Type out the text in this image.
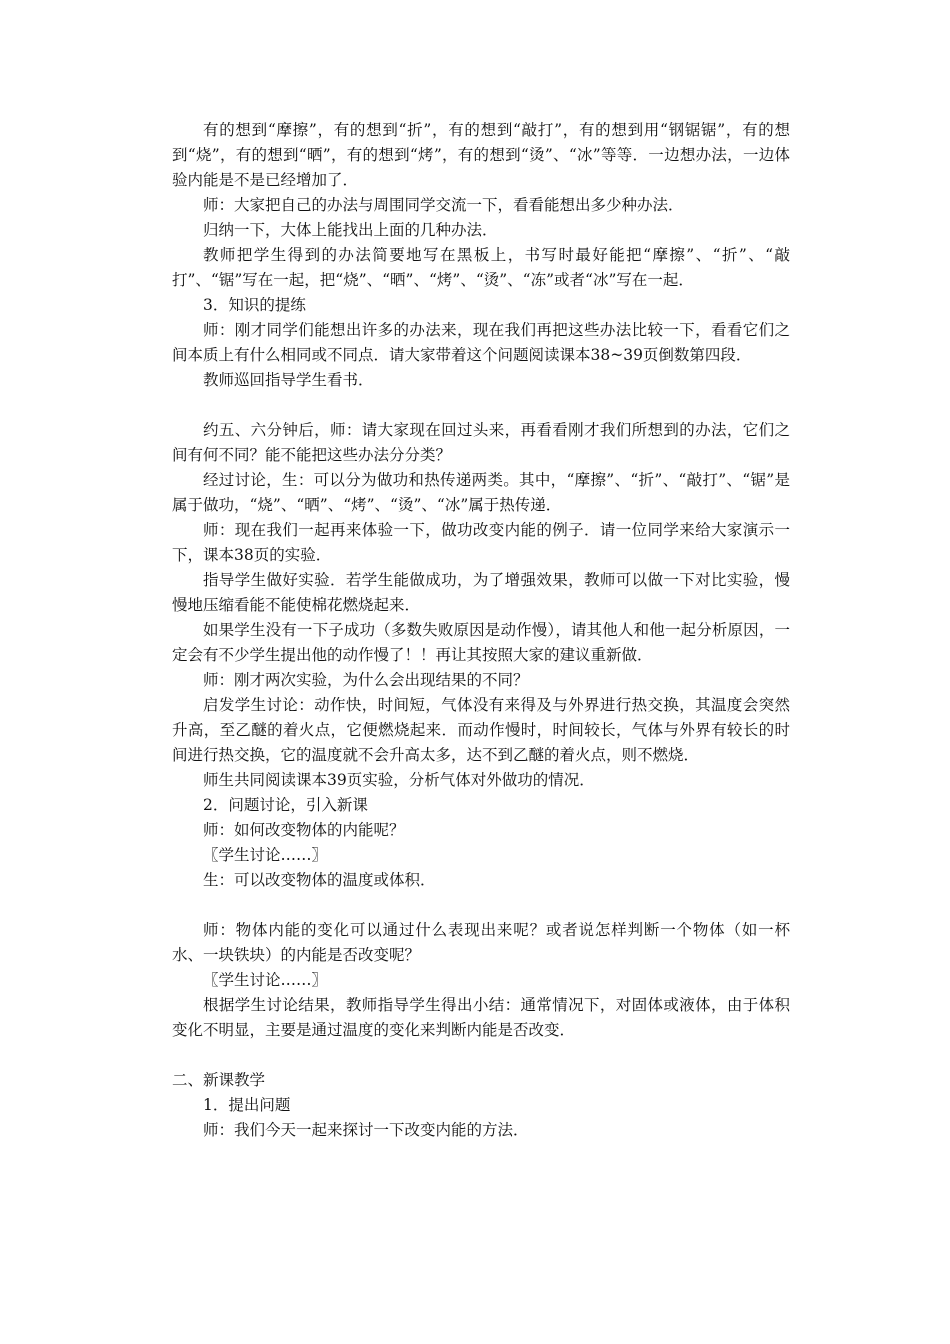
有的想到“摩擦”，有的想到“折”，有的想到“敲打”，有的想到用“钢锯锯”，有的想到“烧”，有的想到“晒”，有的想到“烤”，有的想到“烫”、“冰”等等．一边想办法，一边体验内能是不是已经增加了．

师：大家把自己的办法与周围同学交流一下，看看能想出多少种办法．

归纳一下，大体上能找出上面的几种办法．

教师把学生得到的办法简要地写在黑板上，书写时最好能把“摩擦”、“折”、“敲打”、“锯”写在一起，把“烧”、“晒”、“烤”、“烫”、“冻”或者“冰”写在一起．

3．知识的提练

师：刚才同学们能想出许多的办法来，现在我们再把这些办法比较一下，看看它们之间本质上有什么相同或不同点．请大家带着这个问题阅读课本38~39页倒数第四段．

教师巡回指导学生看书．

约五、六分钟后，师：请大家现在回过头来，再看看刚才我们所想到的办法，它们之间有何不同？能不能把这些办法分分类？

经过讨论，生：可以分为做功和热传递两类。其中，“摩擦”、“折”、“敲打”、“锯”是属于做功，“烧”、“晒”、“烤”、“烫”、“冰”属于热传递．

师：现在我们一起再来体验一下，做功改变内能的例子．请一位同学来给大家演示一下，课本38页的实验．

指导学生做好实验．若学生能做成功，为了增强效果，教师可以做一下对比实验，慢慢地压缩看能不能使棉花燃烧起来．

如果学生没有一下子成功（多数失败原因是动作慢），请其他人和他一起分析原因，一定会有不少学生提出他的动作慢了！！再让其按照大家的建议重新做．

师：刚才两次实验，为什么会出现结果的不同？

启发学生讨论：动作快，时间短，气体没有来得及与外界进行热交换，其温度会突然升高，至乙醚的着火点，它便燃烧起来．而动作慢时，时间较长，气体与外界有较长的时间进行热交换，它的温度就不会升高太多，达不到乙醚的着火点，则不燃烧．

师生共同阅读课本39页实验，分析气体对外做功的情况．

2．问题讨论，引入新课

师：如何改变物体的内能呢？

〖学生讨论……〗

生：可以改变物体的温度或体积．

师：物体内能的变化可以通过什么表现出来呢？或者说怎样判断一个物体（如一杯水、一块铁块）的内能是否改变呢？

〖学生讨论……〗

根据学生讨论结果，教师指导学生得出小结：通常情况下，对固体或液体，由于体积变化不明显，主要是通过温度的变化来判断内能是否改变．

二、新课教学

1．提出问题

师：我们今天一起来探讨一下改变内能的方法．
